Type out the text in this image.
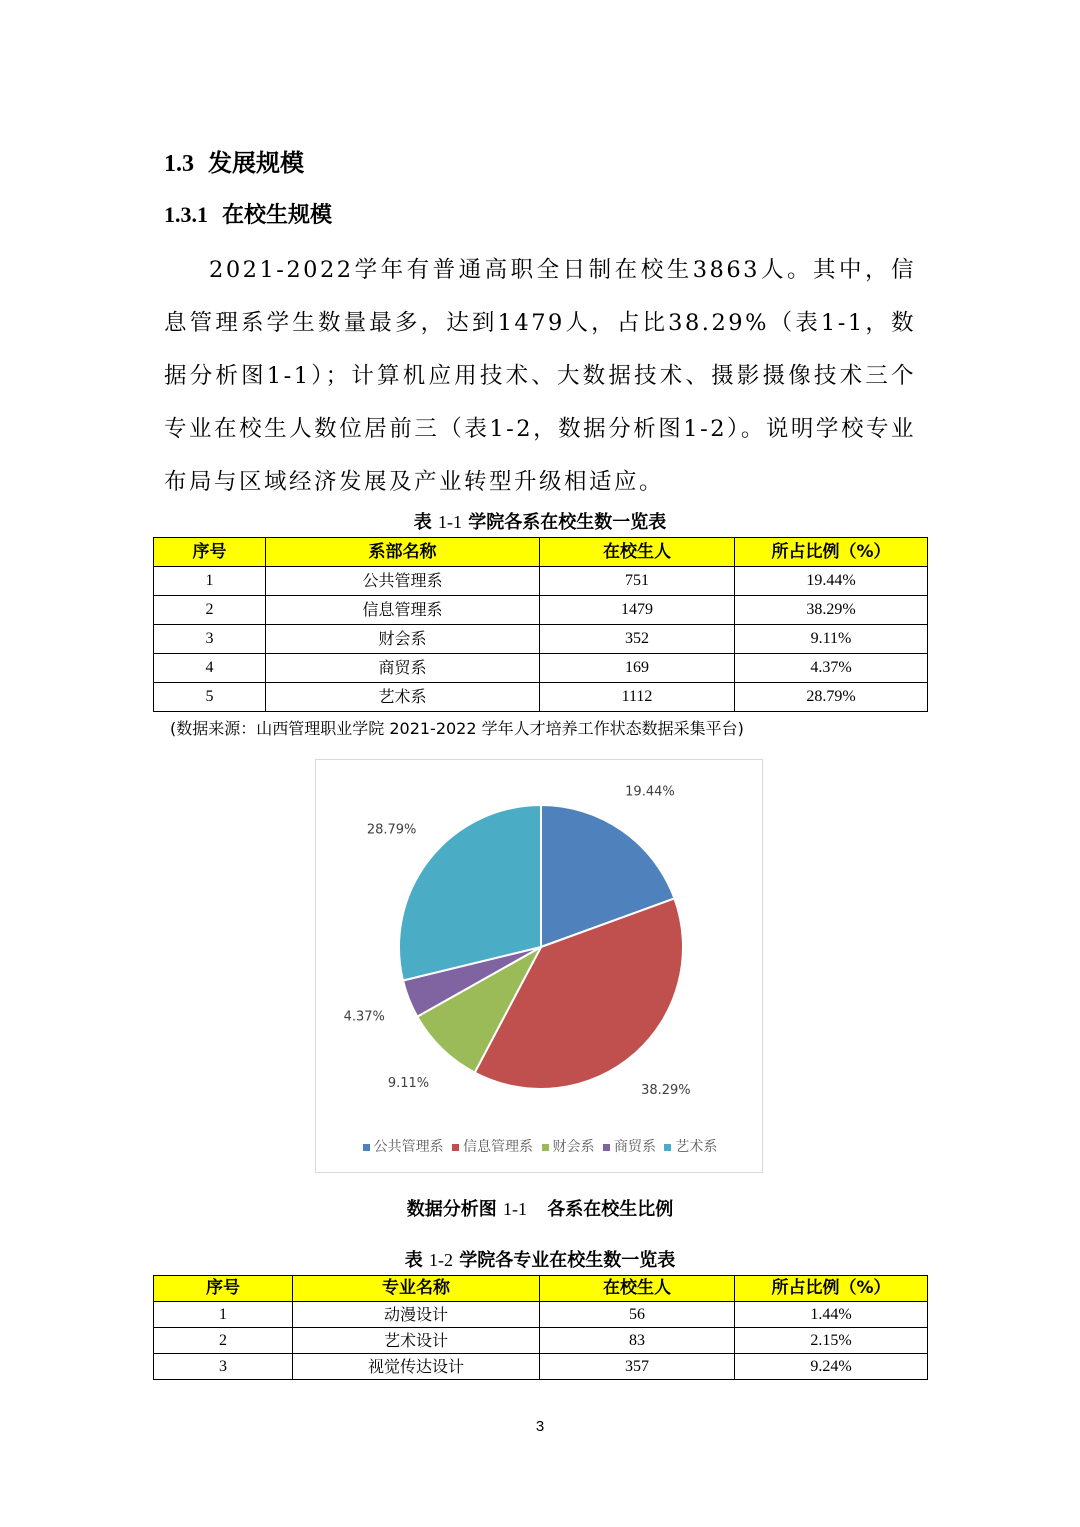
1.3 发展规模
1.3.1 在校生规模

2021-2022学年有普通高职全日制在校生3863人。其中，信息管理系学生数量最多，达到1479人，占比38.29%（表1-1，数据分析图1-1）；计算机应用技术、大数据技术、摄影摄像技术三个专业在校生人数位居前三（表1-2，数据分析图1-2）。说明学校专业布局与区域经济发展及产业转型升级相适应。

表 1-1 学院各系在校生数一览表
序号	系部名称	在校生人	所占比例（%）
1	公共管理系	751	19.44%
2	信息管理系	1479	38.29%
3	财会系	352	9.11%
4	商贸系	169	4.37%
5	艺术系	1112	28.79%
(数据来源：山西管理职业学院 2021-2022 学年人才培养工作状态数据采集平台)
19.44%
38.29%
9.11%
4.37%
28.79%
公共管理系 信息管理系 财会系 商贸系 艺术系
数据分析图 1-1 各系在校生比例
表 1-2 学院各专业在校生数一览表
序号	专业名称	在校生人	所占比例（%）
1	动漫设计	56	1.44%
2	艺术设计	83	2.15%
3	视觉传达设计	357	9.24%
3
